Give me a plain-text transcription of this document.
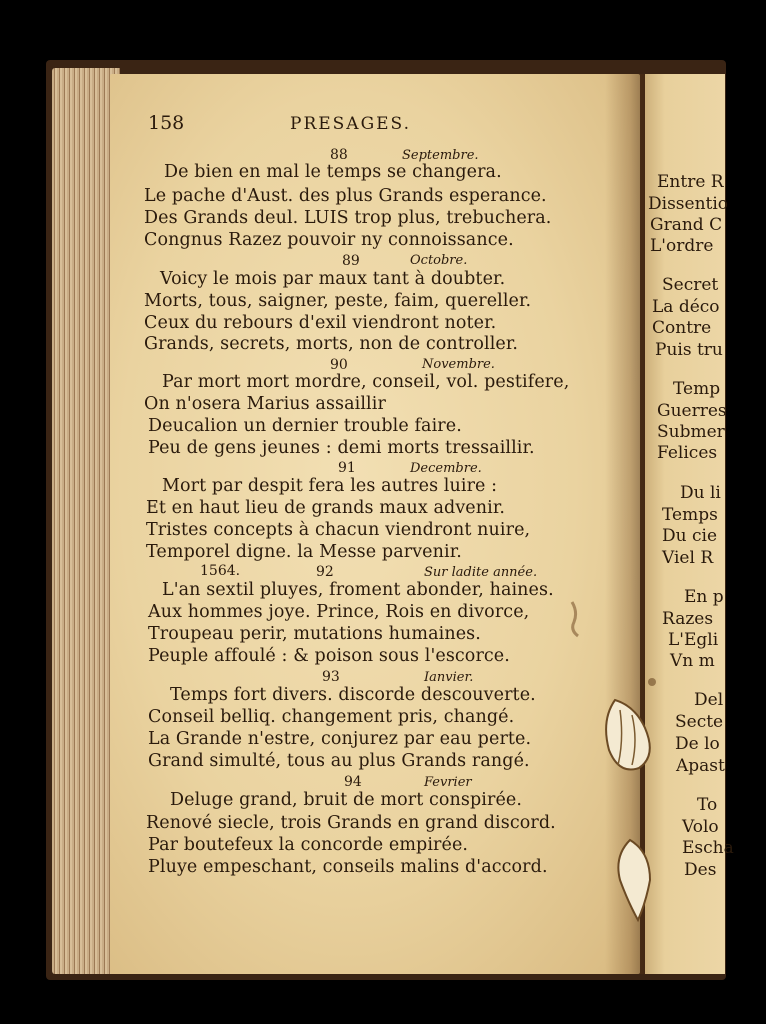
158	PRESAGES.
88	Septembre.
De bien en mal le temps se changera.
Le pache d'Aust. des plus Grands esperance.
Des Grands deul. LUIS trop plus, trebuchera.
Congnus Razez pouvoir ny connoissance.
89	Octobre.
Voicy le mois par maux tant à doubter.
Morts, tous, saigner, peste, faim, quereller.
Ceux du rebours d'exil viendront noter.
Grands, secrets, morts, non de controller.
90	Novembre.
Par mort mort mordre, conseil, vol. pestifere,
On n'osera Marius assaillir
Deucalion un dernier trouble faire.
Peu de gens jeunes : demi morts tressaillir.
91	Decembre.
Mort par despit fera les autres luire :
Et en haut lieu de grands maux advenir.
Tristes concepts à chacun viendront nuire,
Temporel digne. la Messe parvenir.
1564.	92	Sur ladite année.
L'an sextil pluyes, froment abonder, haines.
Aux hommes joye. Prince, Rois en divorce,
Troupeau perir, mutations humaines.
Peuple affoulé : & poison sous l'escorce.
93	Ianvier.
Temps fort divers. discorde descouverte.
Conseil belliq. changement pris, changé.
La Grande n'estre, conjurez par eau perte.
Grand simulté, tous au plus Grands rangé.
94	Fevrier
Deluge grand, bruit de mort conspirée.
Renové siecle, trois Grands en grand discord.
Par boutefeux la concorde empirée.
Pluye empeschant, conseils malins d'accord.
Entre R
Dissentio
Grand C
L'ordre
Secret
La déco
Contre
Puis tru
Temp
Guerres
Submer
Felices
Du li
Temps
Du cie
Viel R
En p
Razes
L'Egli
Vn m
Del
Secte
De lo
Apast
To
Volo
Escha
Des
